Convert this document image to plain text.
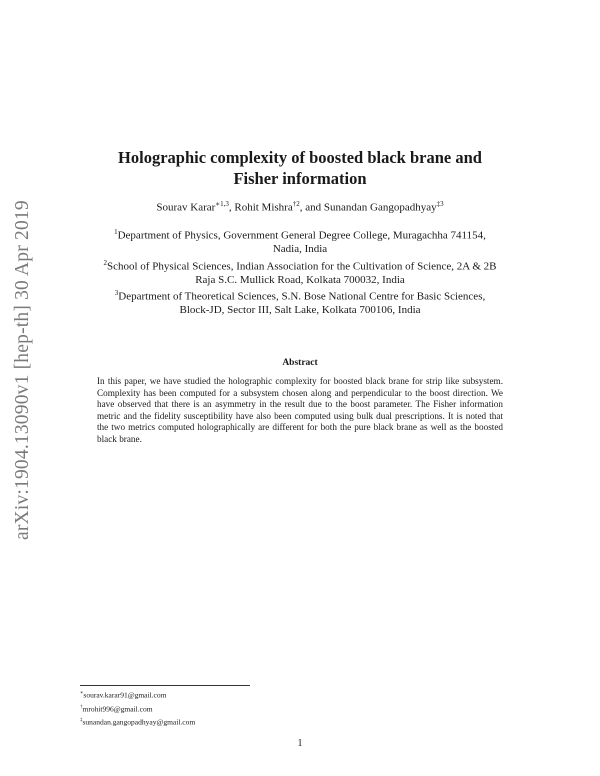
arXiv:1904.13090v1 [hep-th] 30 Apr 2019
Holographic complexity of boosted black brane and
Fisher information
Sourav Karar$^{∗1,3}$, Rohit Mishra$^{\dagger 2}$, and Sunandan Gangopadhyay$^{\ddagger 3}$
$^1$Department of Physics, Government General Degree College, Muragachha 741154,
Nadia, India
$^2$School of Physical Sciences, Indian Association for the Cultivation of Science, 2A & 2B
Raja S.C. Mullick Road, Kolkata 700032, India
$^3$Department of Theoretical Sciences, S.N. Bose National Centre for Basic Sciences,
Block-JD, Sector III, Salt Lake, Kolkata 700106, India
Abstract
In this paper, we have studied the holographic complexity for boosted black brane for strip like subsystem. Complexity has been computed for a subsystem chosen along and perpendicular to the boost direction. We have observed that there is an asymmetry in the result due to the boost parameter. The Fisher information metric and the fidelity susceptibility have also been computed using bulk dual prescriptions. It is noted that the two metrics computed holographically are different for both the pure black brane as well as the boosted black brane.
∗sourav.karar91@gmail.com
†mrohit996@gmail.com
‡sunandan.gangopadhyay@gmail.com
1
